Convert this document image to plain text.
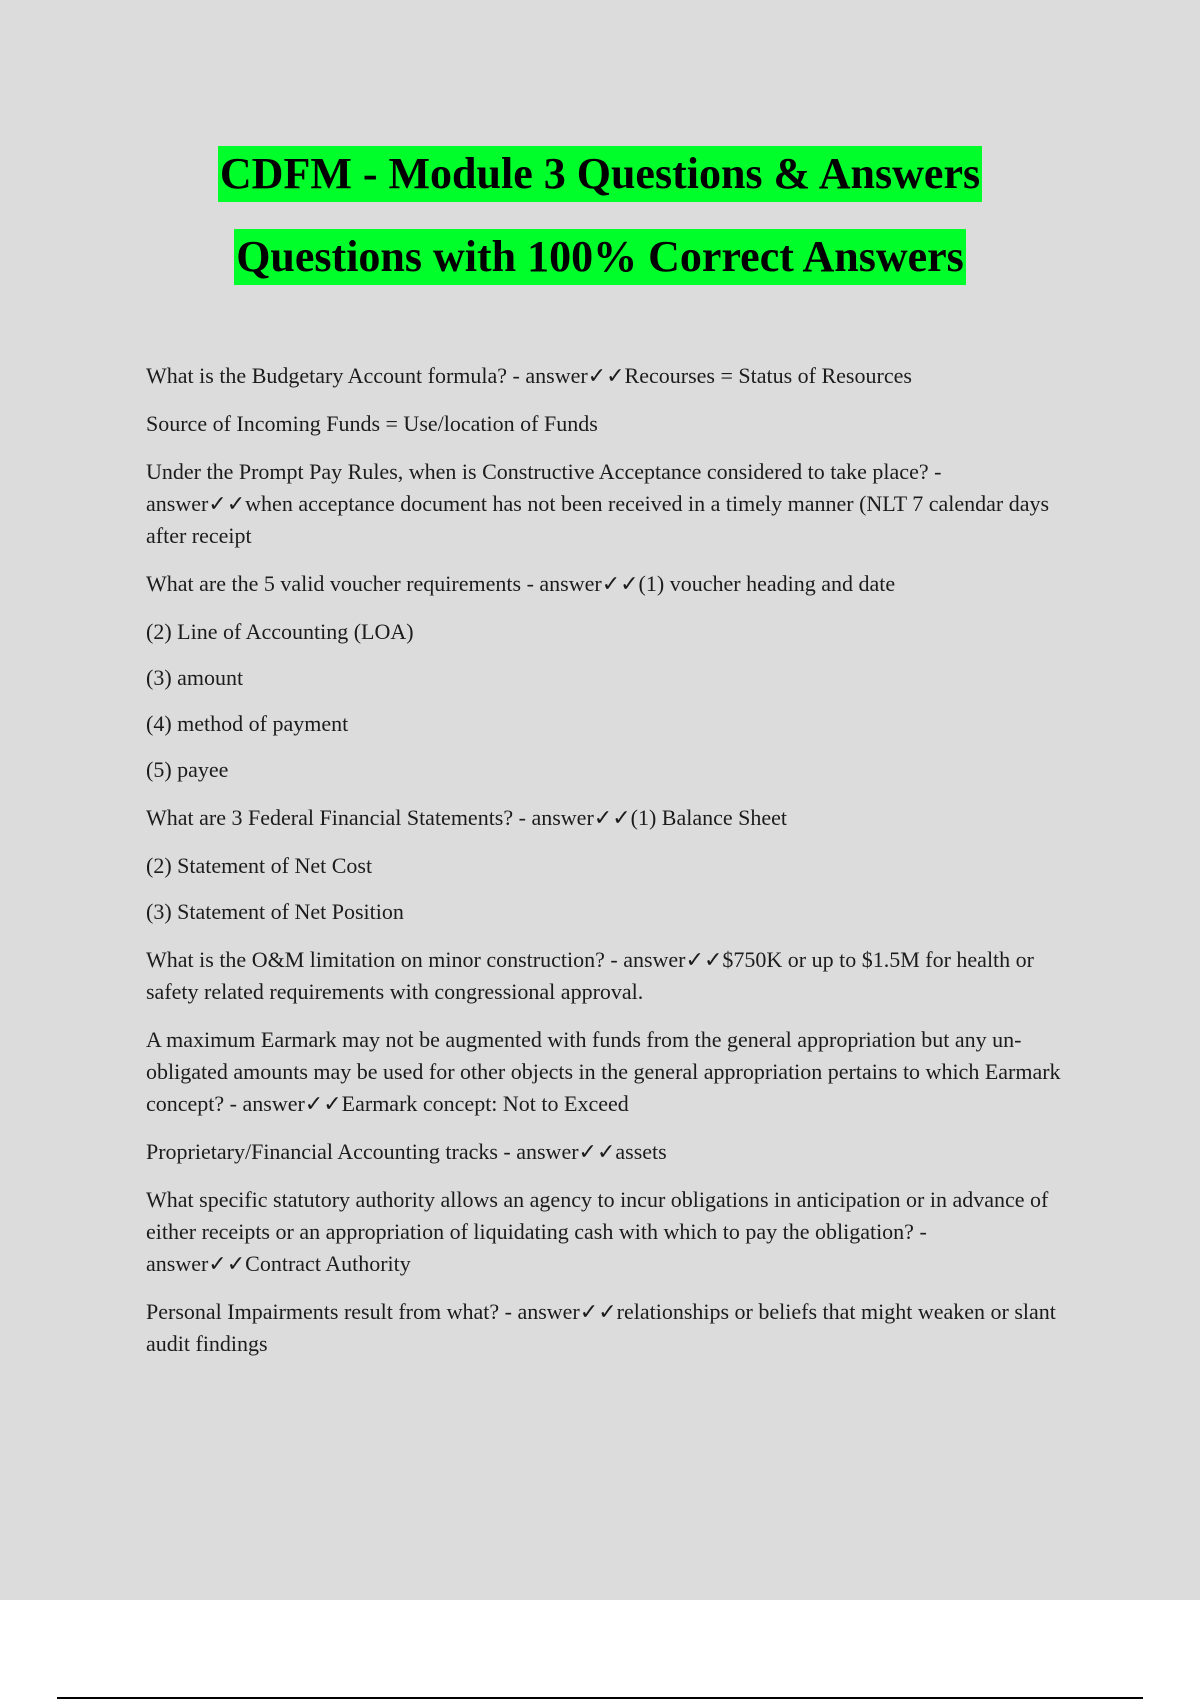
CDFM - Module 3 Questions & Answers
Questions with 100% Correct Answers

What is the Budgetary Account formula? - answer✓✓Recourses = Status of Resources

Source of Incoming Funds = Use/location of Funds

Under the Prompt Pay Rules, when is Constructive Acceptance considered to take place? - answer✓✓when acceptance document has not been received in a timely manner (NLT 7 calendar days after receipt

What are the 5 valid voucher requirements - answer✓✓(1) voucher heading and date

(2) Line of Accounting (LOA)

(3) amount

(4) method of payment

(5) payee

What are 3 Federal Financial Statements? - answer✓✓(1) Balance Sheet

(2) Statement of Net Cost

(3) Statement of Net Position

What is the O&M limitation on minor construction? - answer✓✓$750K or up to $1.5M for health or safety related requirements with congressional approval.

A maximum Earmark may not be augmented with funds from the general appropriation but any un-obligated amounts may be used for other objects in the general appropriation pertains to which Earmark concept? - answer✓✓Earmark concept: Not to Exceed

Proprietary/Financial Accounting tracks - answer✓✓assets

What specific statutory authority allows an agency to incur obligations in anticipation or in advance of either receipts or an appropriation of liquidating cash with which to pay the obligation? - answer✓✓Contract Authority

Personal Impairments result from what? - answer✓✓relationships or beliefs that might weaken or slant audit findings
